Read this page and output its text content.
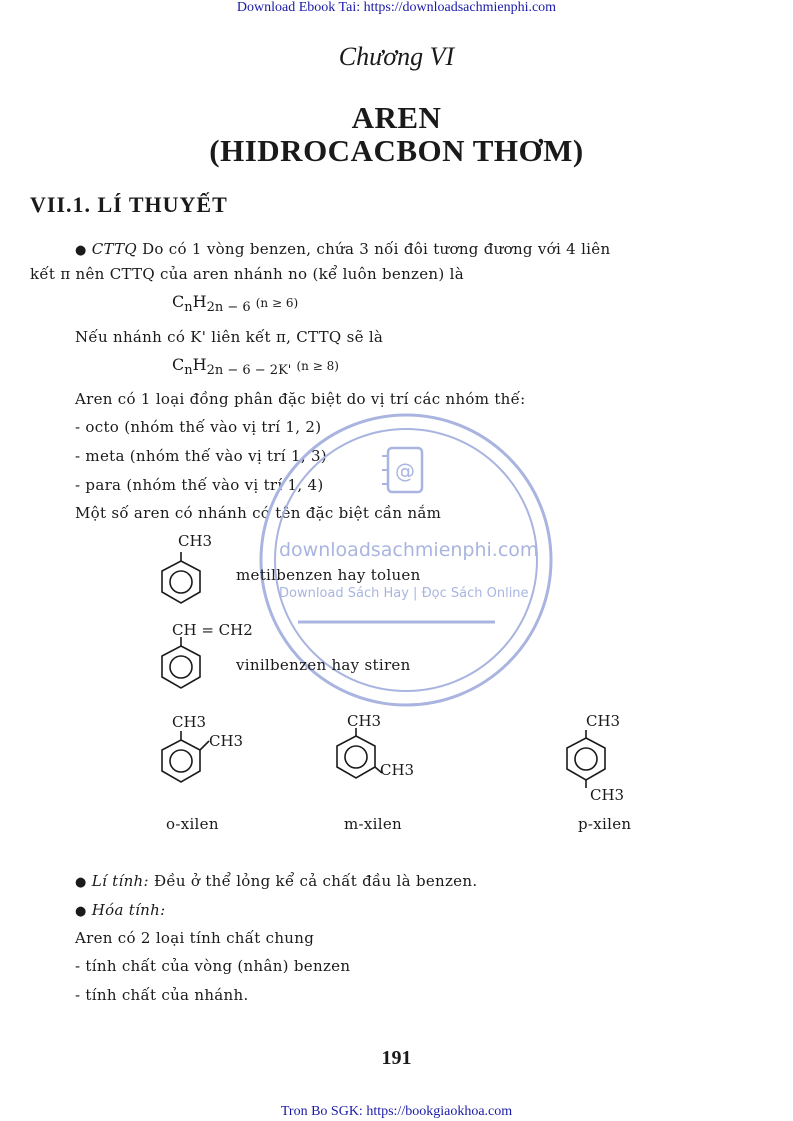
Download Ebook Tai: https://downloadsachmienphi.com
Tron Bo SGK: https://bookgiaokhoa.com
Chương VI
AREN
(HIDROCACBON THƠM)
VII.1. LÍ THUYẾT
● CTTQ Do có 1 vòng benzen, chứa 3 nối đôi tương đương với 4 liên
kết π nên CTTQ của aren nhánh no (kể luôn benzen) là
$C_nH_{2n - 6}$ (n ≥ 6)
Nếu nhánh có K' liên kết π, CTTQ sẽ là
$C_nH_{2n - 6 - 2K'}$ (n ≥ 8)
Aren có 1 loại đồng phân đặc biệt do vị trí các nhóm thế:
- octo (nhóm thế vào vị trí 1, 2)
- meta (nhóm thế vào vị trí 1, 3)
- para (nhóm thế vào vị trí 1, 4)
Một số aren có nhánh có tên đặc biệt cần nắm
@
CH3
metilbenzen hay toluen
CH = CH2
vinilbenzen hay stiren
CH3
CH3
o-xilen
CH3
CH3
m-xilen
CH3
CH3
p-xilen
● Lí tính: Đều ở thể lỏng kể cả chất đầu là benzen.
● Hóa tính:
Aren có 2 loại tính chất chung
- tính chất của vòng (nhân) benzen
- tính chất của nhánh.
downloadsachmienphi.com
Download Sách Hay | Đọc Sách Online
191
